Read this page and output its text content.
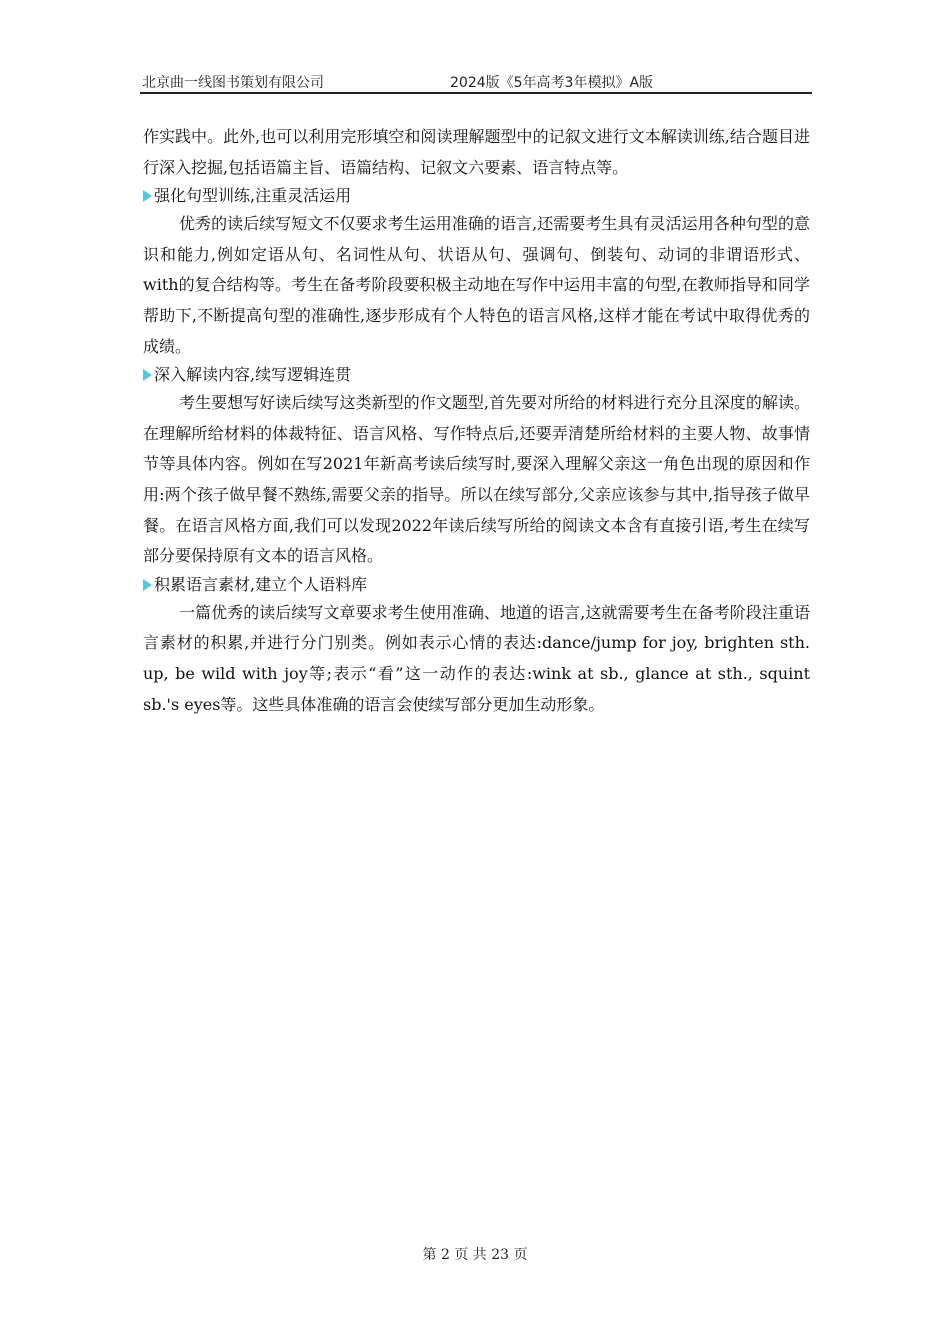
北京曲一线图书策划有限公司	2024版《5年高考3年模拟》A版

作实践中。此外,也可以利用完形填空和阅读理解题型中的记叙文进行文本解读训练,结合题目进行深入挖掘,包括语篇主旨、语篇结构、记叙文六要素、语言特点等。

强化句型训练,注重灵活运用

优秀的读后续写短文不仅要求考生运用准确的语言,还需要考生具有灵活运用各种句型的意识和能力,例如定语从句、名词性从句、状语从句、强调句、倒装句、动词的非谓语形式、 with的复合结构等。考生在备考阶段要积极主动地在写作中运用丰富的句型,在教师指导和同学帮助下,不断提高句型的准确性,逐步形成有个人特色的语言风格,这样才能在考试中取得优秀的成绩。

深入解读内容,续写逻辑连贯

考生要想写好读后续写这类新型的作文题型,首先要对所给的材料进行充分且深度的解读。在理解所给材料的体裁特征、语言风格、写作特点后,还要弄清楚所给材料的主要人物、故事情节等具体内容。例如在写2021年新高考读后续写时,要深入理解父亲这一角色出现的原因和作用:两个孩子做早餐不熟练,需要父亲的指导。所以在续写部分,父亲应该参与其中,指导孩子做早餐。在语言风格方面,我们可以发现2022年读后续写所给的阅读文本含有直接引语,考生在续写部分要保持原有文本的语言风格。

积累语言素材,建立个人语料库

一篇优秀的读后续写文章要求考生使用准确、地道的语言,这就需要考生在备考阶段注重语言素材的积累,并进行分门别类。例如表示心情的表达:dance/jump for joy, brighten sth. up, be wild with joy等;表示“看”这一动作的表达:wink at sb., glance at sth., squint sb.'s eyes等。这些具体准确的语言会使续写部分更加生动形象。

第 2 页 共 23 页
